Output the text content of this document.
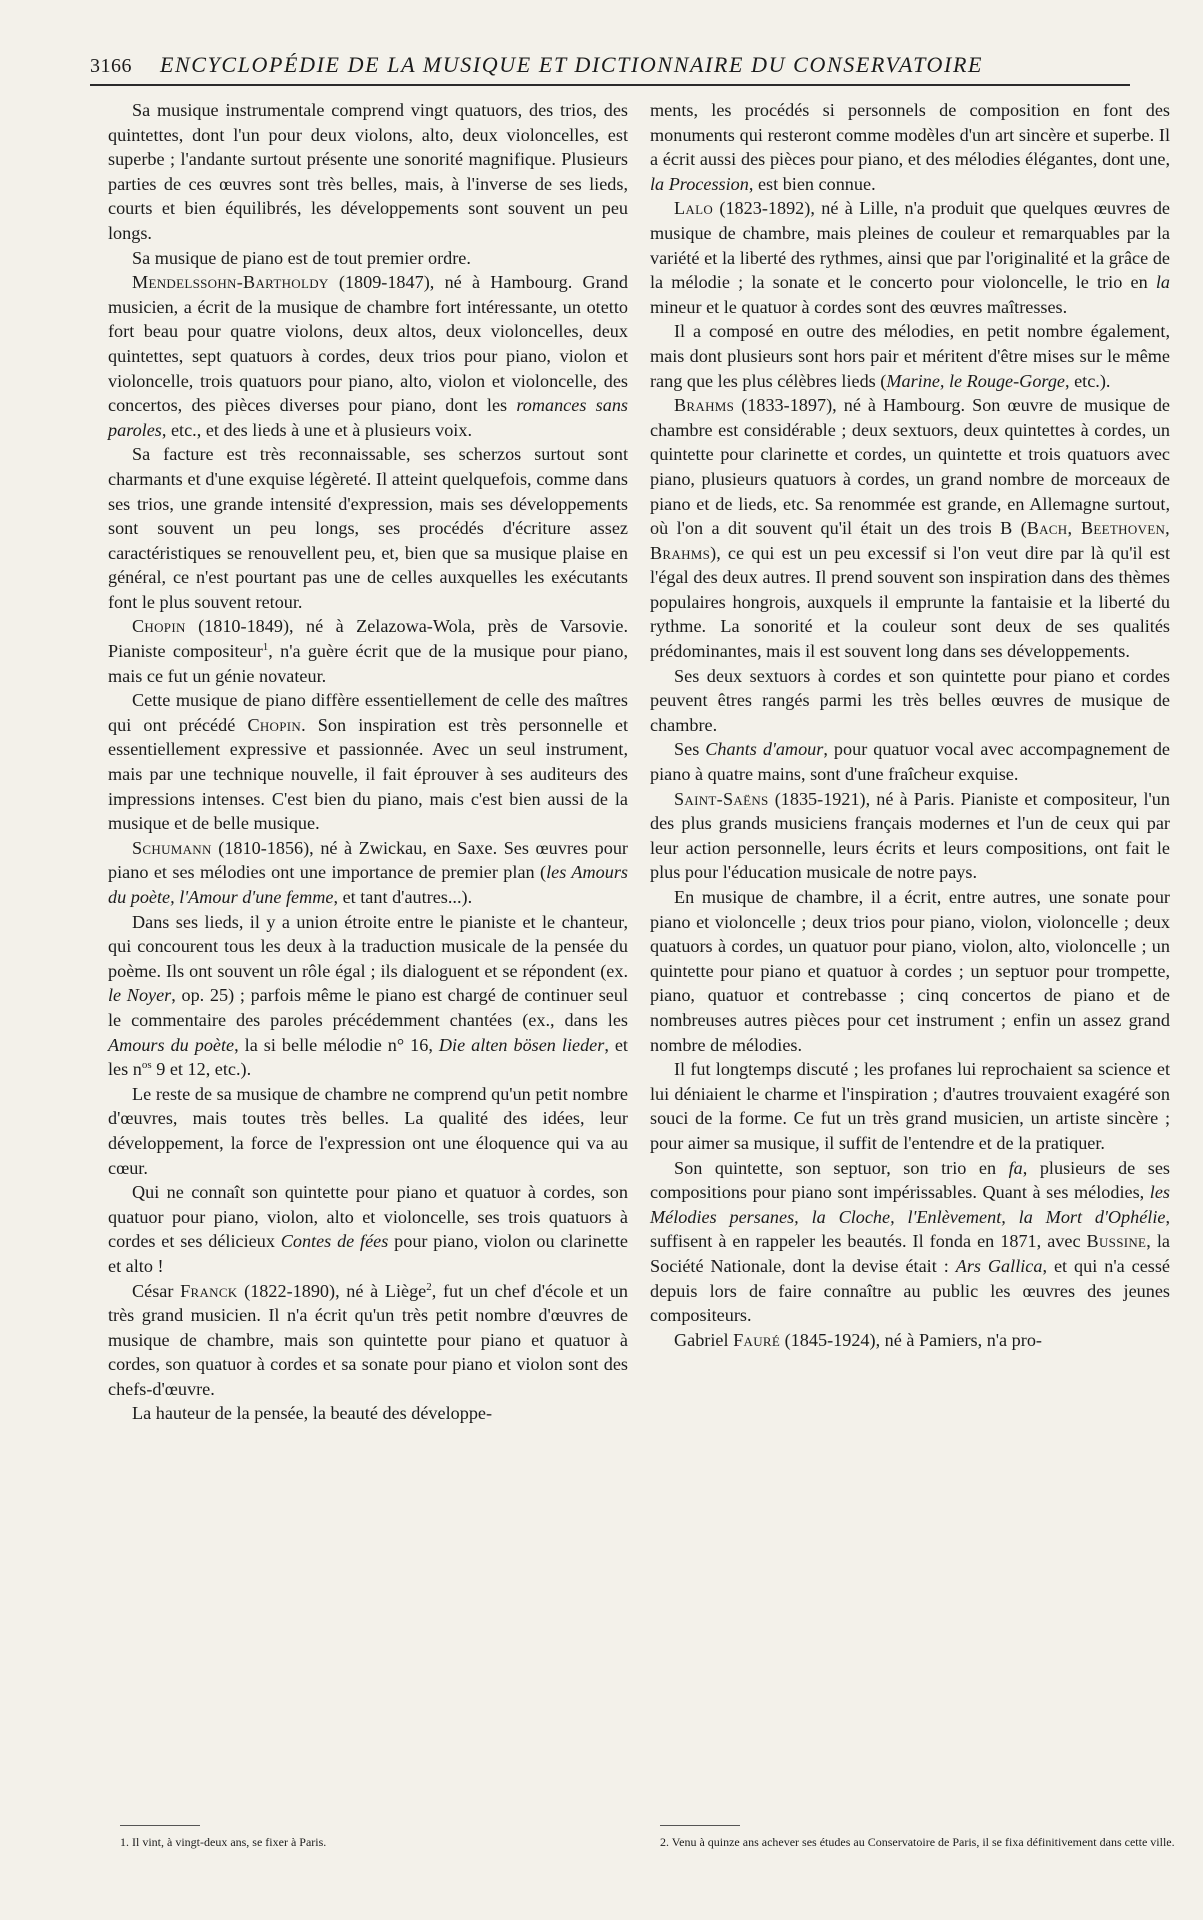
3166 ENCYCLOPÉDIE DE LA MUSIQUE ET DICTIONNAIRE DU CONSERVATOIRE

Sa musique instrumentale comprend vingt quatuors, des trios, des quintettes, dont l'un pour deux violons, alto, deux violoncelles, est superbe ; l'andante surtout présente une sonorité magnifique. Plusieurs parties de ces œuvres sont très belles, mais, à l'inverse de ses lieds, courts et bien équilibrés, les développements sont souvent un peu longs.

Sa musique de piano est de tout premier ordre.

Mendelssohn-Bartholdy (1809-1847), né à Hambourg. Grand musicien, a écrit de la musique de chambre fort intéressante, un otetto fort beau pour quatre violons, deux altos, deux violoncelles, deux quintettes, sept quatuors à cordes, deux trios pour piano, violon et violoncelle, trois quatuors pour piano, alto, violon et violoncelle, des concertos, des pièces diverses pour piano, dont les romances sans paroles, etc., et des lieds à une et à plusieurs voix.

Sa facture est très reconnaissable, ses scherzos surtout sont charmants et d'une exquise légèreté. Il atteint quelquefois, comme dans ses trios, une grande intensité d'expression, mais ses développements sont souvent un peu longs, ses procédés d'écriture assez caractéristiques se renouvellent peu, et, bien que sa musique plaise en général, ce n'est pourtant pas une de celles auxquelles les exécutants font le plus souvent retour.

Chopin (1810-1849), né à Zelazowa-Wola, près de Varsovie. Pianiste compositeur$^1$, n'a guère écrit que de la musique pour piano, mais ce fut un génie novateur.

Cette musique de piano diffère essentiellement de celle des maîtres qui ont précédé Chopin. Son inspiration est très personnelle et essentiellement expressive et passionnée. Avec un seul instrument, mais par une technique nouvelle, il fait éprouver à ses auditeurs des impressions intenses. C'est bien du piano, mais c'est bien aussi de la musique et de belle musique.

Schumann (1810-1856), né à Zwickau, en Saxe. Ses œuvres pour piano et ses mélodies ont une importance de premier plan (les Amours du poète, l'Amour d'une femme, et tant d'autres...).

Dans ses lieds, il y a union étroite entre le pianiste et le chanteur, qui concourent tous les deux à la traduction musicale de la pensée du poème. Ils ont souvent un rôle égal ; ils dialoguent et se répondent (ex. le Noyer, op. 25) ; parfois même le piano est chargé de continuer seul le commentaire des paroles précédemment chantées (ex., dans les Amours du poète, la si belle mélodie n° 16, Die alten bösen lieder, et les $n^{os}$ 9 et 12, etc.).

Le reste de sa musique de chambre ne comprend qu'un petit nombre d'œuvres, mais toutes très belles. La qualité des idées, leur développement, la force de l'expression ont une éloquence qui va au cœur.

Qui ne connaît son quintette pour piano et quatuor à cordes, son quatuor pour piano, violon, alto et violoncelle, ses trois quatuors à cordes et ses délicieux Contes de fées pour piano, violon ou clarinette et alto !

César Franck (1822-1890), né à Liège$^2$, fut un chef d'école et un très grand musicien. Il n'a écrit qu'un très petit nombre d'œuvres de musique de chambre, mais son quintette pour piano et quatuor à cordes, son quatuor à cordes et sa sonate pour piano et violon sont des chefs-d'œuvre.

La hauteur de la pensée, la beauté des développe-

ments, les procédés si personnels de composition en font des monuments qui resteront comme modèles d'un art sincère et superbe. Il a écrit aussi des pièces pour piano, et des mélodies élégantes, dont une, la Procession, est bien connue.

Lalo (1823-1892), né à Lille, n'a produit que quelques œuvres de musique de chambre, mais pleines de couleur et remarquables par la variété et la liberté des rythmes, ainsi que par l'originalité et la grâce de la mélodie ; la sonate et le concerto pour violoncelle, le trio en la mineur et le quatuor à cordes sont des œuvres maîtresses.

Il a composé en outre des mélodies, en petit nombre également, mais dont plusieurs sont hors pair et méritent d'être mises sur le même rang que les plus célèbres lieds (Marine, le Rouge-Gorge, etc.).

Brahms (1833-1897), né à Hambourg. Son œuvre de musique de chambre est considérable ; deux sextuors, deux quintettes à cordes, un quintette pour clarinette et cordes, un quintette et trois quatuors avec piano, plusieurs quatuors à cordes, un grand nombre de morceaux de piano et de lieds, etc. Sa renommée est grande, en Allemagne surtout, où l'on a dit souvent qu'il était un des trois B (Bach, Beethoven, Brahms), ce qui est un peu excessif si l'on veut dire par là qu'il est l'égal des deux autres. Il prend souvent son inspiration dans des thèmes populaires hongrois, auxquels il emprunte la fantaisie et la liberté du rythme. La sonorité et la couleur sont deux de ses qualités prédominantes, mais il est souvent long dans ses développements.

Ses deux sextuors à cordes et son quintette pour piano et cordes peuvent êtres rangés parmi les très belles œuvres de musique de chambre.

Ses Chants d'amour, pour quatuor vocal avec accompagnement de piano à quatre mains, sont d'une fraîcheur exquise.

Saint-Saëns (1835-1921), né à Paris. Pianiste et compositeur, l'un des plus grands musiciens français modernes et l'un de ceux qui par leur action personnelle, leurs écrits et leurs compositions, ont fait le plus pour l'éducation musicale de notre pays.

En musique de chambre, il a écrit, entre autres, une sonate pour piano et violoncelle ; deux trios pour piano, violon, violoncelle ; deux quatuors à cordes, un quatuor pour piano, violon, alto, violoncelle ; un quintette pour piano et quatuor à cordes ; un septuor pour trompette, piano, quatuor et contrebasse ; cinq concertos de piano et de nombreuses autres pièces pour cet instrument ; enfin un assez grand nombre de mélodies.

Il fut longtemps discuté ; les profanes lui reprochaient sa science et lui déniaient le charme et l'inspiration ; d'autres trouvaient exagéré son souci de la forme. Ce fut un très grand musicien, un artiste sincère ; pour aimer sa musique, il suffit de l'entendre et de la pratiquer.

Son quintette, son septuor, son trio en fa, plusieurs de ses compositions pour piano sont impérissables. Quant à ses mélodies, les Mélodies persanes, la Cloche, l'Enlèvement, la Mort d'Ophélie, suffisent à en rappeler les beautés. Il fonda en 1871, avec Bussine, la Société Nationale, dont la devise était : Ars Gallica, et qui n'a cessé depuis lors de faire connaître au public les œuvres des jeunes compositeurs.

Gabriel Fauré (1845-1924), né à Pamiers, n'a pro-

1. Il vint, à vingt-deux ans, se fixer à Paris.	2. Venu à quinze ans achever ses études au Conservatoire de Paris, il se fixa définitivement dans cette ville.
